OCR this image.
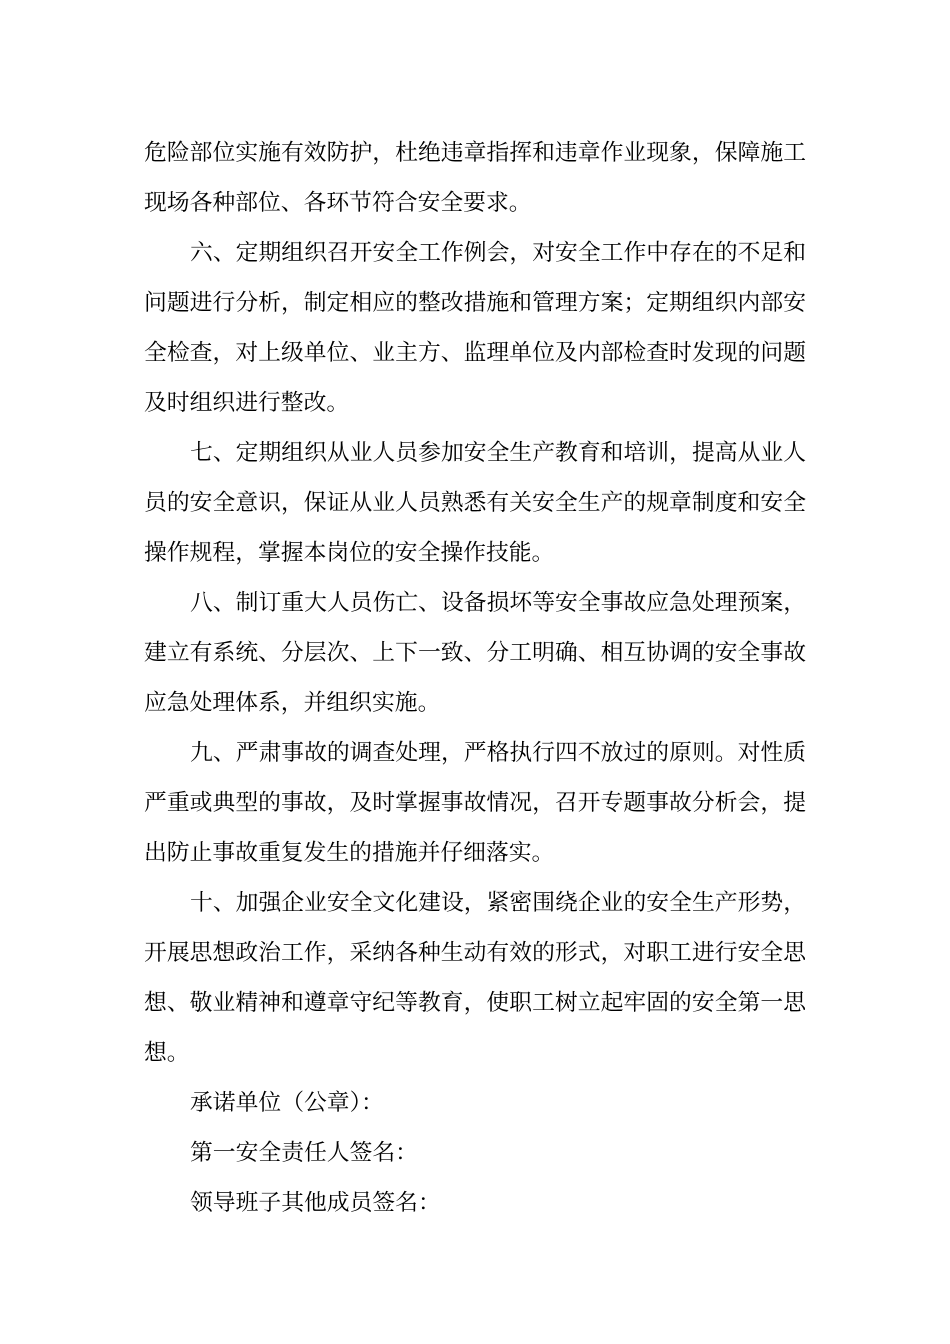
危险部位实施有效防护，杜绝违章指挥和违章作业现象，保障施工现场各种部位、各环节符合安全要求。

六、定期组织召开安全工作例会，对安全工作中存在的不足和问题进行分析，制定相应的整改措施和管理方案；定期组织内部安全检查，对上级单位、业主方、监理单位及内部检查时发现的问题及时组织进行整改。

七、定期组织从业人员参加安全生产教育和培训，提高从业人员的安全意识，保证从业人员熟悉有关安全生产的规章制度和安全操作规程，掌握本岗位的安全操作技能。

八、制订重大人员伤亡、设备损坏等安全事故应急处理预案，建立有系统、分层次、上下一致、分工明确、相互协调的安全事故应急处理体系，并组织实施。

九、严肃事故的调查处理，严格执行四不放过的原则。对性质严重或典型的事故，及时掌握事故情况，召开专题事故分析会，提出防止事故重复发生的措施并仔细落实。

十、加强企业安全文化建设，紧密围绕企业的安全生产形势，开展思想政治工作，采纳各种生动有效的形式，对职工进行安全思想、敬业精神和遵章守纪等教育，使职工树立起牢固的安全第一思想。

承诺单位（公章）：

第一安全责任人签名：

领导班子其他成员签名：
